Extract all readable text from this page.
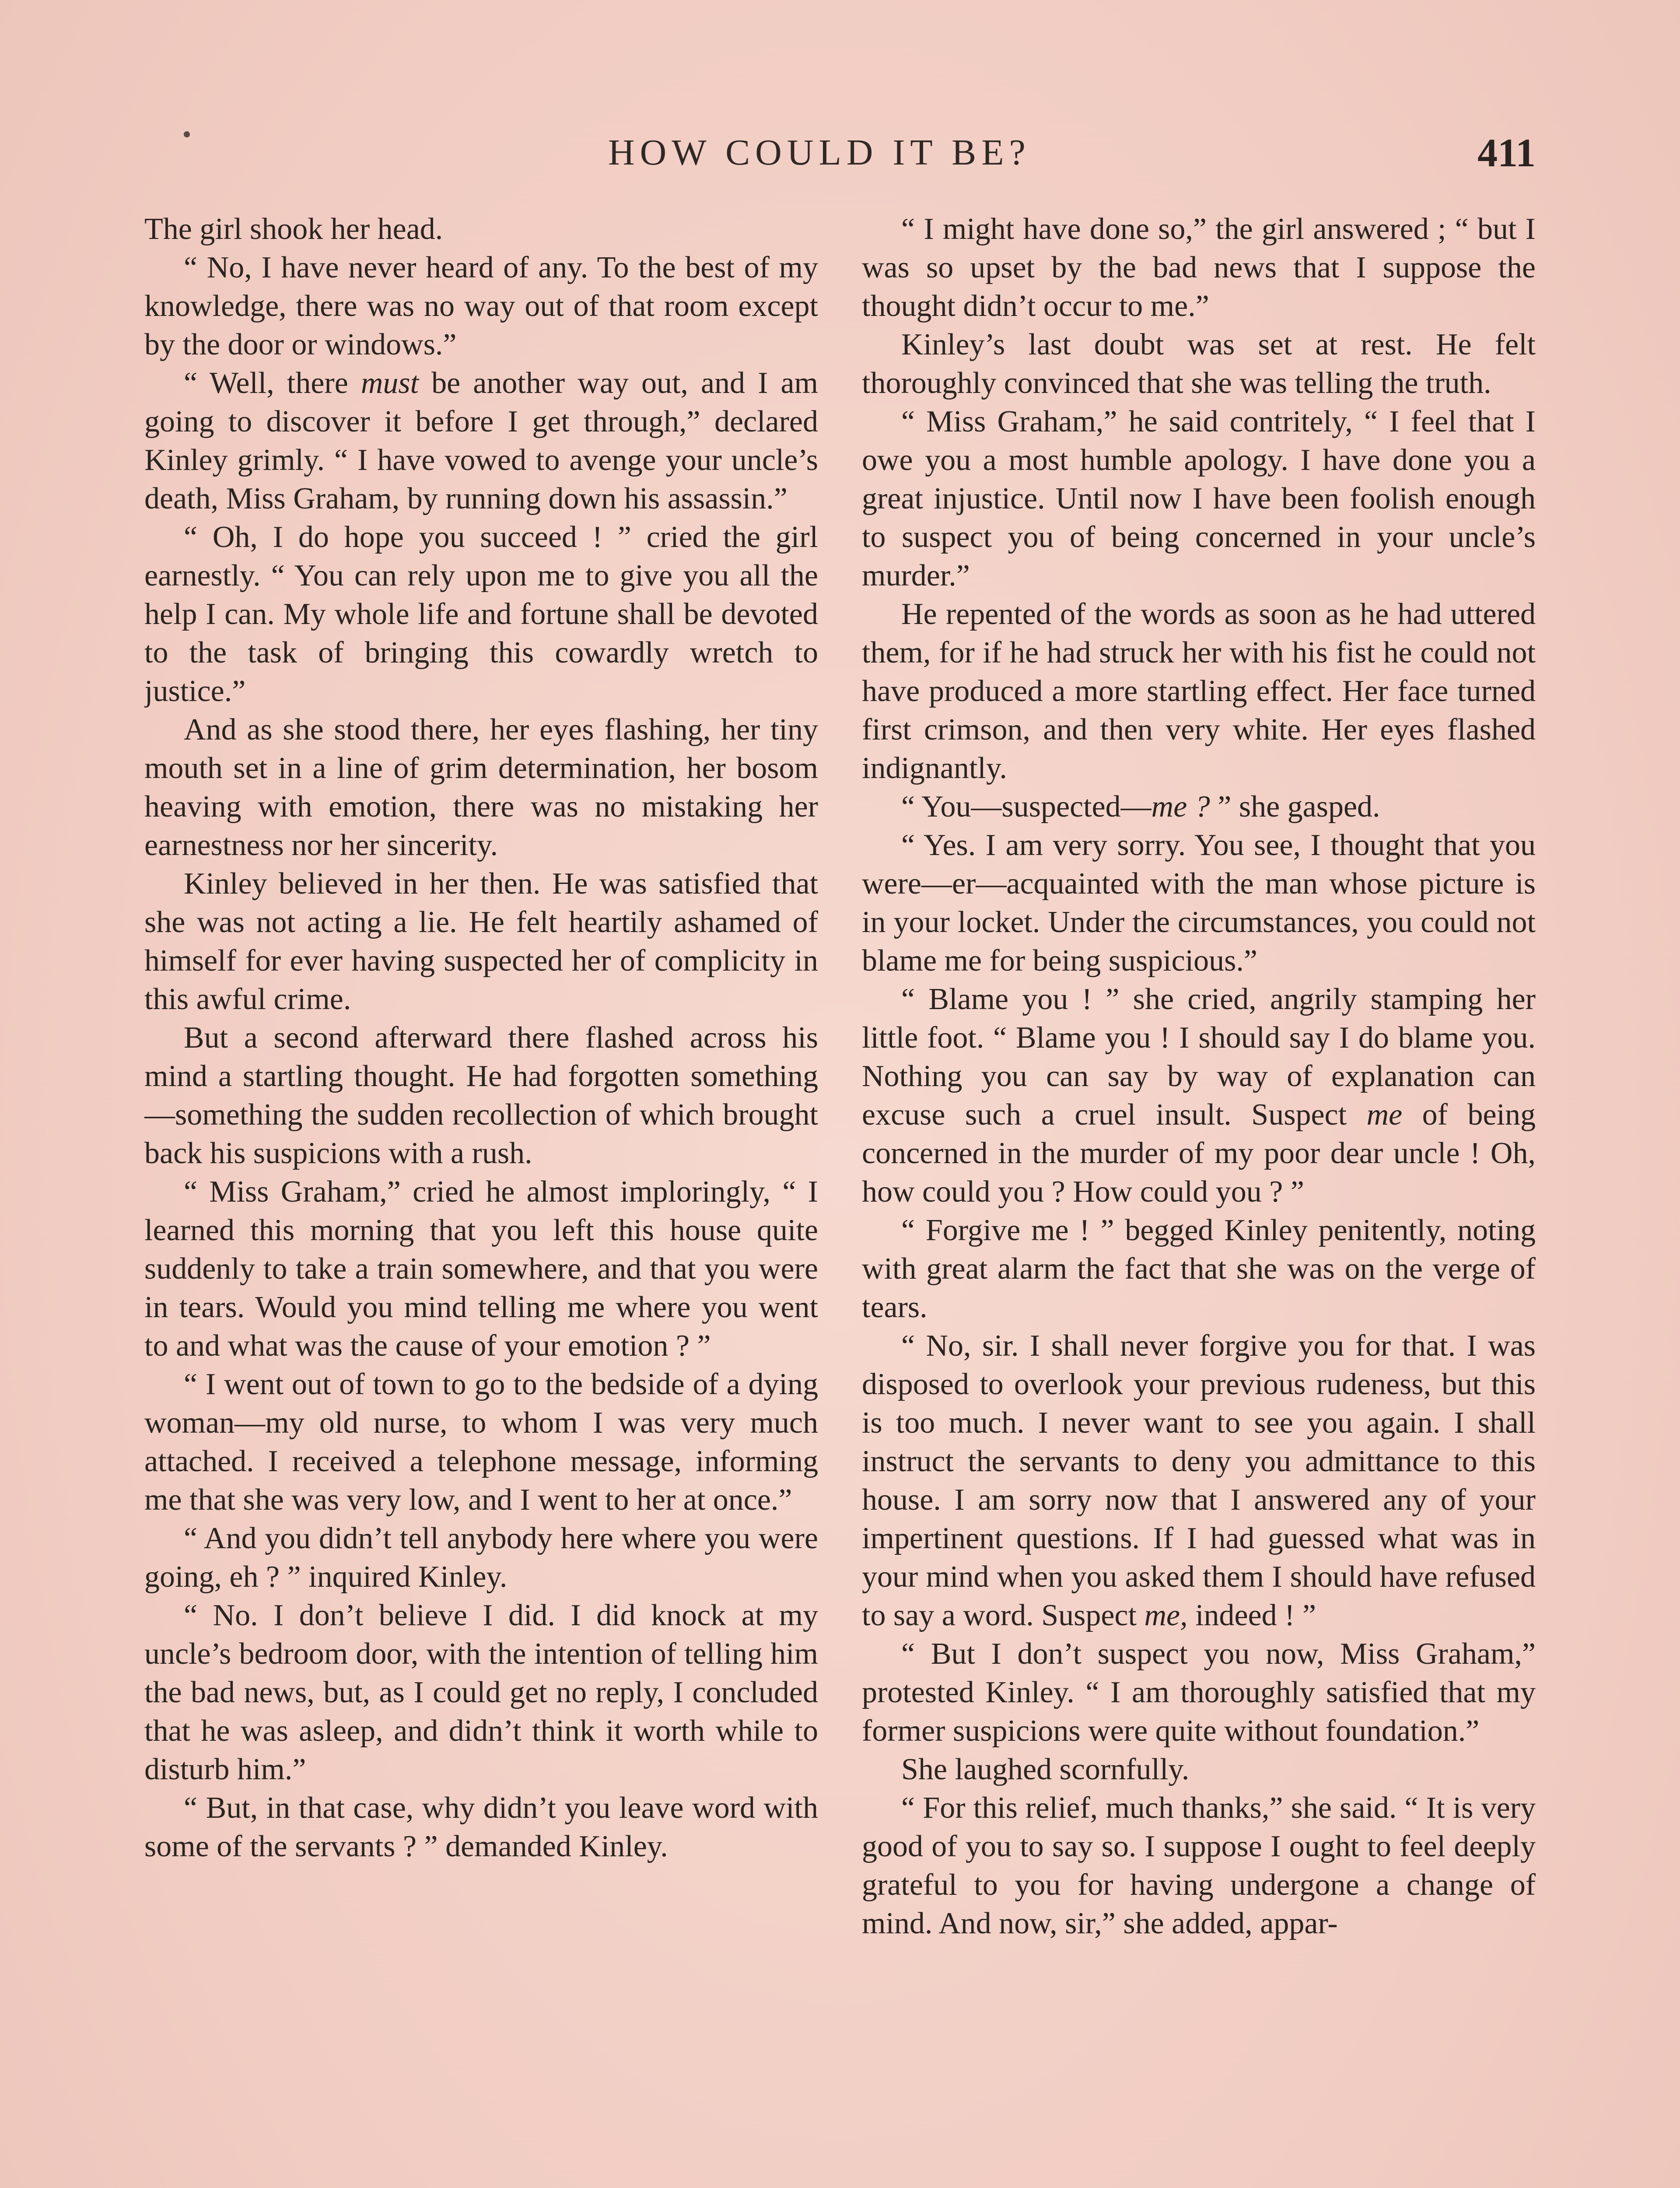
HOW COULD IT BE?	411

The girl shook her head.

“ No, I have never heard of any. To the best of my knowledge, there was no way out of that room except by the door or windows.”

“ Well, there must be another way out, and I am going to discover it before I get through,” declared Kinley grimly. “ I have vowed to avenge your uncle’s death, Miss Graham, by running down his assassin.”

“ Oh, I do hope you succeed ! ” cried the girl earnestly. “ You can rely upon me to give you all the help I can. My whole life and fortune shall be devoted to the task of bringing this cowardly wretch to justice.”

And as she stood there, her eyes flashing, her tiny mouth set in a line of grim determination, her bosom heaving with emotion, there was no mistaking her earnestness nor her sincerity.

Kinley believed in her then. He was satisfied that she was not acting a lie. He felt heartily ashamed of himself for ever having suspected her of complicity in this awful crime.

But a second afterward there flashed across his mind a startling thought. He had forgotten something—something the sudden recollection of which brought back his suspicions with a rush.

“ Miss Graham,” cried he almost imploringly, “ I learned this morning that you left this house quite suddenly to take a train somewhere, and that you were in tears. Would you mind telling me where you went to and what was the cause of your emotion ? ”

“ I went out of town to go to the bedside of a dying woman—my old nurse, to whom I was very much attached. I received a telephone message, informing me that she was very low, and I went to her at once.”

“ And you didn’t tell anybody here where you were going, eh ? ” inquired Kinley.

“ No. I don’t believe I did. I did knock at my uncle’s bedroom door, with the intention of telling him the bad news, but, as I could get no reply, I concluded that he was asleep, and didn’t think it worth while to disturb him.”

“ But, in that case, why didn’t you leave word with some of the servants ? ” demanded Kinley.

“ I might have done so,” the girl answered ; “ but I was so upset by the bad news that I suppose the thought didn’t occur to me.”

Kinley’s last doubt was set at rest. He felt thoroughly convinced that she was telling the truth.

“ Miss Graham,” he said contritely, “ I feel that I owe you a most humble apology. I have done you a great injustice. Until now I have been foolish enough to suspect you of being concerned in your uncle’s murder.”

He repented of the words as soon as he had uttered them, for if he had struck her with his fist he could not have produced a more startling effect. Her face turned first crimson, and then very white. Her eyes flashed indignantly.

“ You—suspected—me ? ” she gasped.

“ Yes. I am very sorry. You see, I thought that you were—er—acquainted with the man whose picture is in your locket. Under the circumstances, you could not blame me for being suspicious.”

“ Blame you ! ” she cried, angrily stamping her little foot. “ Blame you ! I should say I do blame you. Nothing you can say by way of explanation can excuse such a cruel insult. Suspect me of being concerned in the murder of my poor dear uncle ! Oh, how could you ? How could you ? ”

“ Forgive me ! ” begged Kinley penitently, noting with great alarm the fact that she was on the verge of tears.

“ No, sir. I shall never forgive you for that. I was disposed to overlook your previous rudeness, but this is too much. I never want to see you again. I shall instruct the servants to deny you admittance to this house. I am sorry now that I answered any of your impertinent questions. If I had guessed what was in your mind when you asked them I should have refused to say a word. Suspect me, indeed ! ”

“ But I don’t suspect you now, Miss Graham,” protested Kinley. “ I am thoroughly satisfied that my former suspicions were quite without foundation.”

She laughed scornfully.

“ For this relief, much thanks,” she said. “ It is very good of you to say so. I suppose I ought to feel deeply grateful to you for having undergone a change of mind. And now, sir,” she added, appar-
